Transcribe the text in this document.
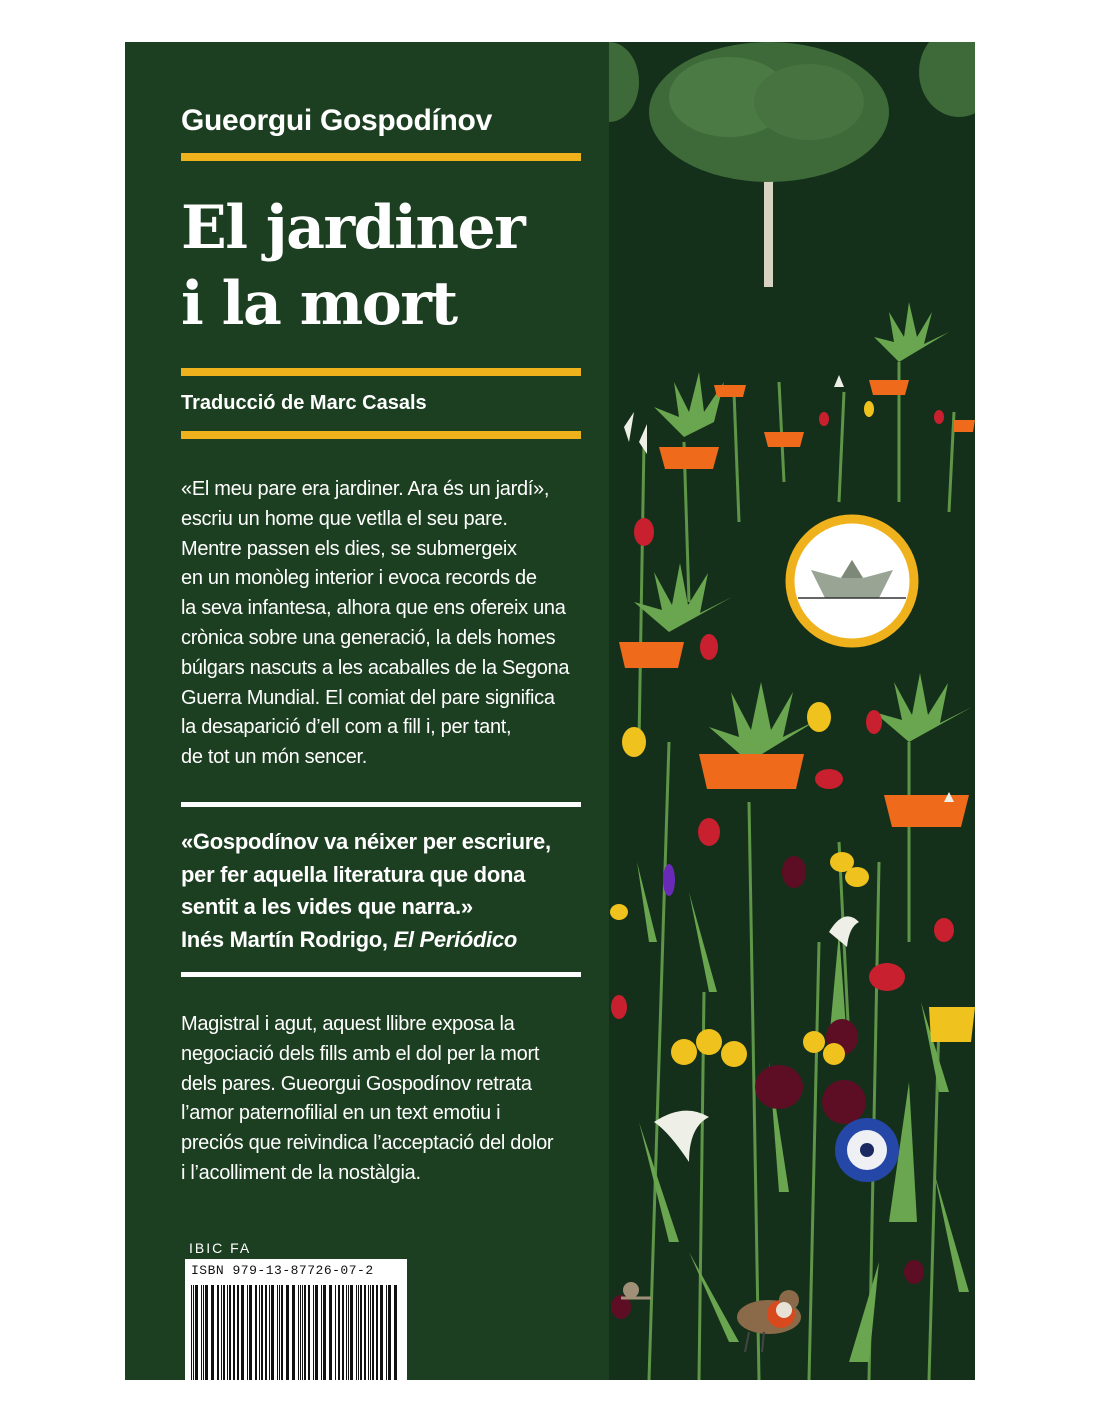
Gueorgui Gospodínov
El jardiner
i la mort
Traducció de Marc Casals
«El meu pare era jardiner. Ara és un jardí»,
escriu un home que vetlla el seu pare.
Mentre passen els dies, se submergeix
en un monòleg interior i evoca records de
la seva infantesa, alhora que ens ofereix una
crònica sobre una generació, la dels homes
búlgars nascuts a les acaballes de la Segona
Guerra Mundial. El comiat del pare significa
la desaparició d’ell com a fill i, per tant,
de tot un món sencer.
«Gospodínov va néixer per escriure,
per fer aquella literatura que dona
sentit a les vides que narra.»
Inés Martín Rodrigo, El Periódico
Magistral i agut, aquest llibre exposa la
negociació dels fills amb el dol per la mort
dels pares. Gueorgui Gospodínov retrata
l’amor paternofilial en un text emotiu i
preciós que reivindica l’acceptació del dolor
i l’acolliment de la nostàlgia.
IBIC FA
ISBN 979-13-87726-07-2
